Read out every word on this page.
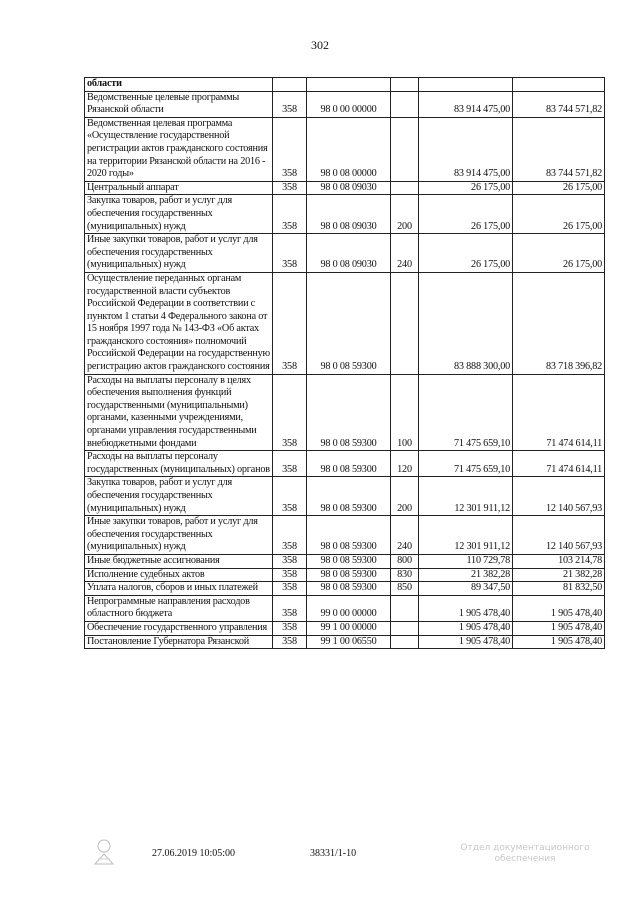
302
области					
Ведомственные целевые программы Рязанской области	358	98 0 00 00000		83 914 475,00	83 744 571,82
Ведомственная целевая программа «Осуществление государственной регистрации актов гражданского состояния на территории Рязанской области на 2016 - 2020 годы»	358	98 0 08 00000		83 914 475,00	83 744 571,82
Центральный аппарат	358	98 0 08 09030		26 175,00	26 175,00
Закупка товаров, работ и услуг для обеспечения государственных (муниципальных) нужд	358	98 0 08 09030	200	26 175,00	26 175,00
Иные закупки товаров, работ и услуг для обеспечения государственных (муниципальных) нужд	358	98 0 08 09030	240	26 175,00	26 175,00
Осуществление переданных органам государственной власти субъектов Российской Федерации в соответствии с пунктом 1 статьи 4 Федерального закона от 15 ноября 1997 года № 143-ФЗ «Об актах гражданского состояния» полномочий Российской Федерации на государственную регистрацию актов гражданского состояния	358	98 0 08 59300		83 888 300,00	83 718 396,82
Расходы на выплаты персоналу в целях обеспечения выполнения функций государственными (муниципальными) органами, казенными учреждениями, органами управления государственными внебюджетными фондами	358	98 0 08 59300	100	71 475 659,10	71 474 614,11
Расходы на выплаты персоналу государственных (муниципальных) органов	358	98 0 08 59300	120	71 475 659,10	71 474 614,11
Закупка товаров, работ и услуг для обеспечения государственных (муниципальных) нужд	358	98 0 08 59300	200	12 301 911,12	12 140 567,93
Иные закупки товаров, работ и услуг для обеспечения государственных (муниципальных) нужд	358	98 0 08 59300	240	12 301 911,12	12 140 567,93
Иные бюджетные ассигнования	358	98 0 08 59300	800	110 729,78	103 214,78
Исполнение судебных актов	358	98 0 08 59300	830	21 382,28	21 382,28
Уплата налогов, сборов и иных платежей	358	98 0 08 59300	850	89 347,50	81 832,50
Непрограммные направления расходов областного бюджета	358	99 0 00 00000		1 905 478,40	1 905 478,40
Обеспечение государственного управления	358	99 1 00 00000		1 905 478,40	1 905 478,40
Постановление Губернатора Рязанской	358	99 1 00 06550		1 905 478,40	1 905 478,40
27.06.2019 10:05:00	38331/1-10	Отдел документационного обеспечения
